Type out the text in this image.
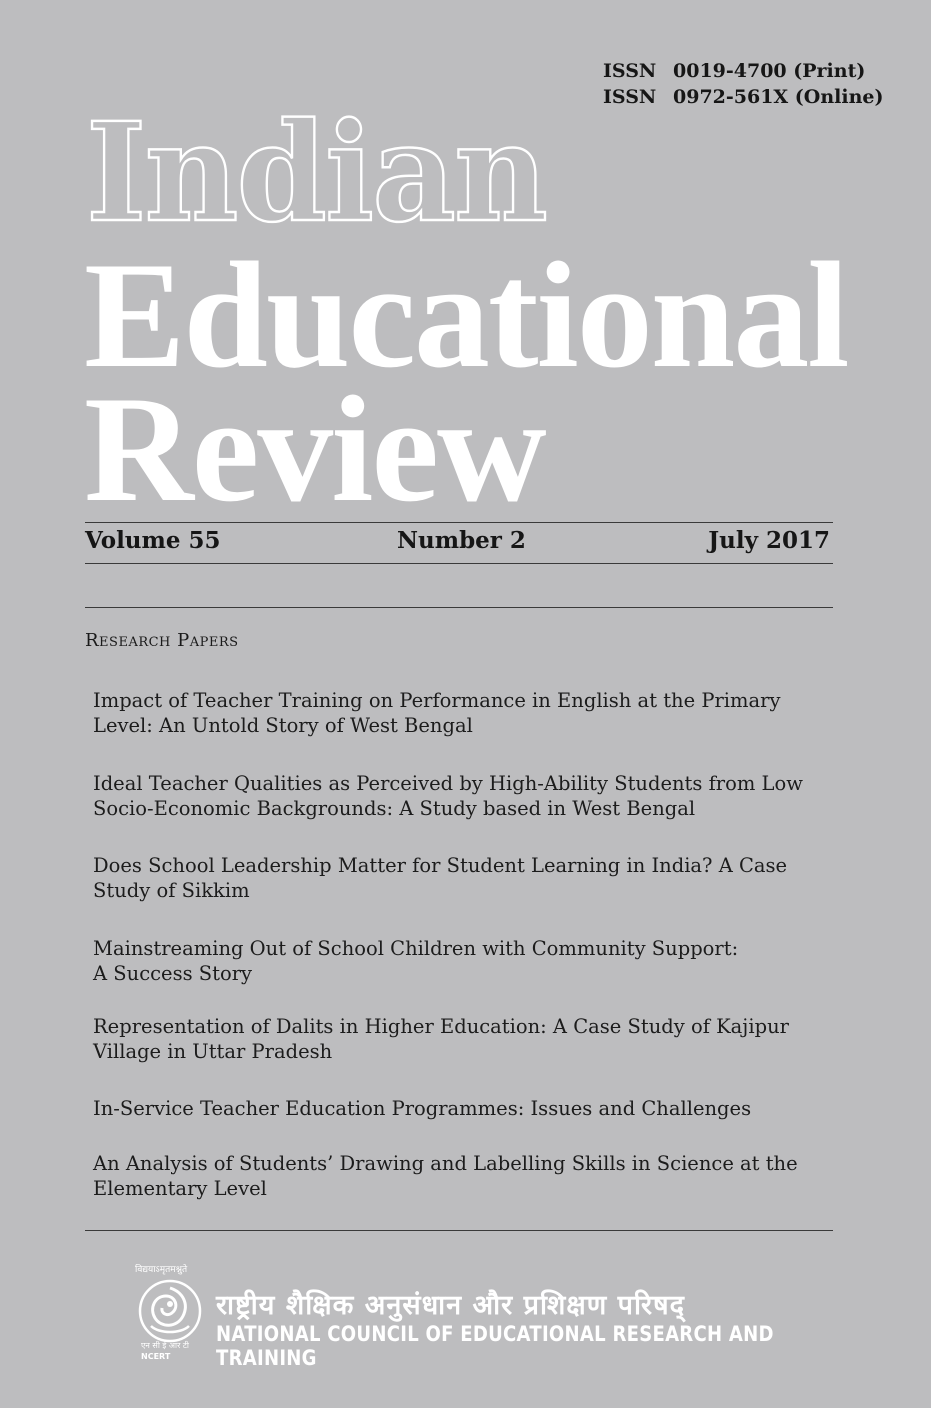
ISSN 0019-4700 (Print)
ISSN 0972-561X (Online)
Indian
Educational
Review
Volume 55	Number 2	July 2017
Research Papers
Impact of Teacher Training on Performance in English at the Primary
Level: An Untold Story of West Bengal
Ideal Teacher Qualities as Perceived by High-Ability Students from Low
Socio-Economic Backgrounds: A Study based in West Bengal
Does School Leadership Matter for Student Learning in India? A Case
Study of Sikkim
Mainstreaming Out of School Children with Community Support:
A Success Story
Representation of Dalits in Higher Education: A Case Study of Kajipur
Village in Uttar Pradesh
In-Service Teacher Education Programmes: Issues and Challenges
An Analysis of Students’ Drawing and Labelling Skills in Science at the
Elementary Level
विद्ययाऽमृतमश्नुते
एन सी ई आर टी
NCERT
राष्ट्रीय शैक्षिक अनुसंधान और प्रशिक्षण परिषद्
NATIONAL COUNCIL OF EDUCATIONAL RESEARCH AND TRAINING
